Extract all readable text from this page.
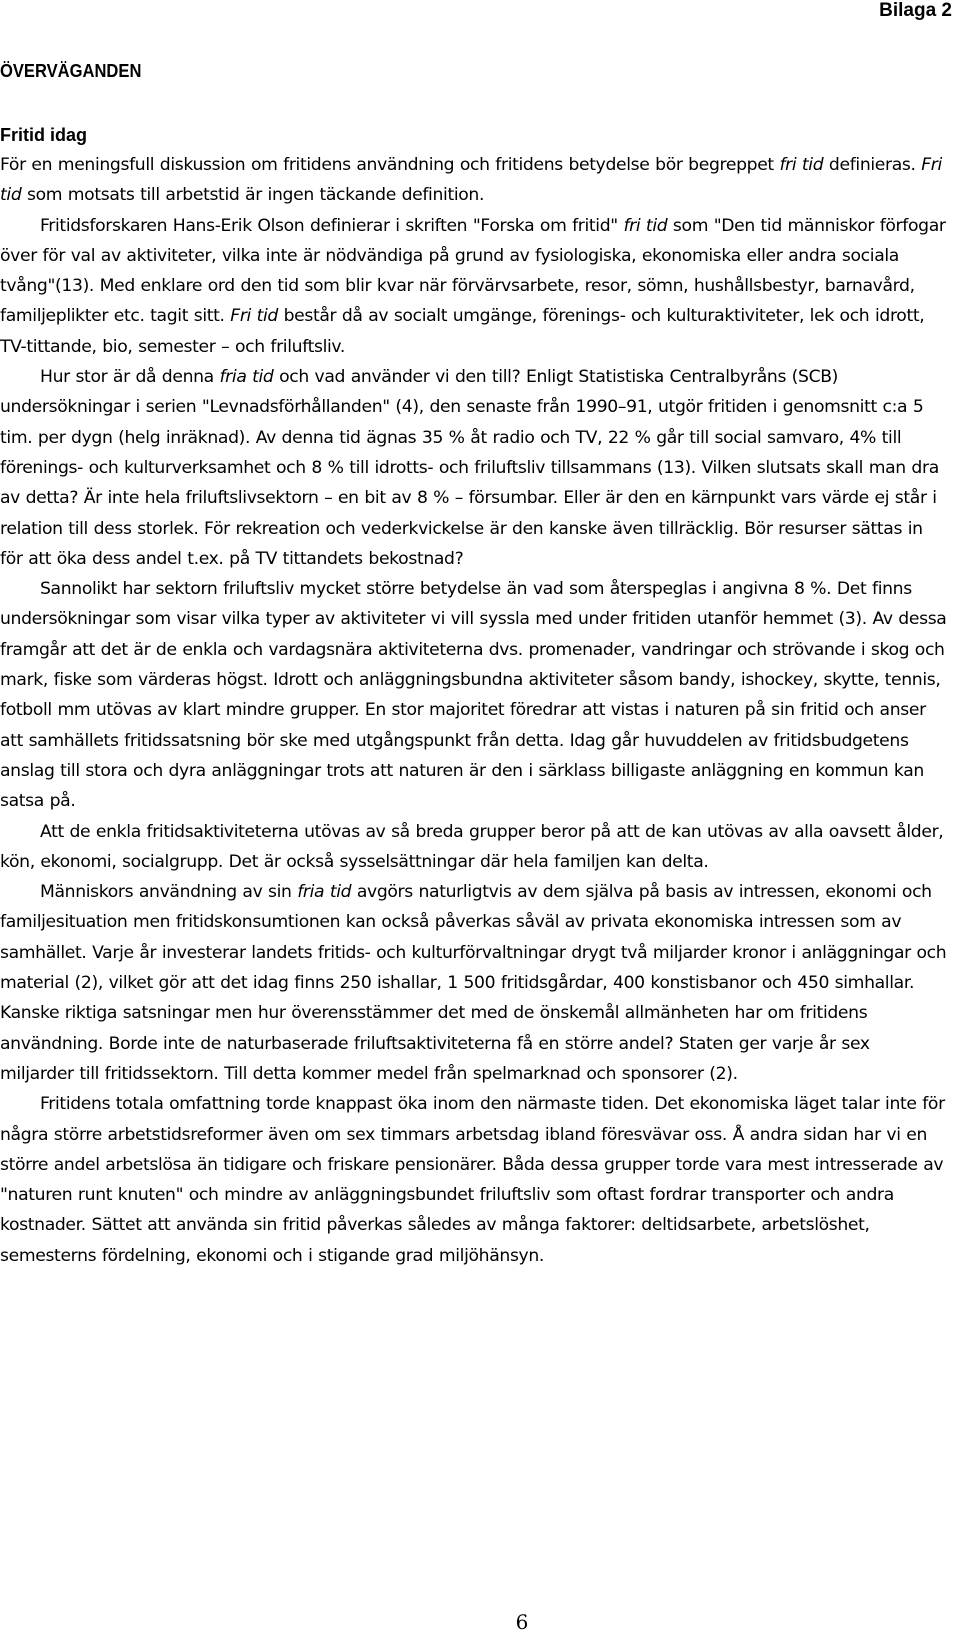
Bilaga 2
ÖVERVÄGANDEN
Fritid idag

För en meningsfull diskussion om fritidens användning och fritidens betydelse bör begreppet fri tid definieras. Fri tid som motsats till arbetstid är ingen täckande definition.

Fritidsforskaren Hans-Erik Olson definierar i skriften "Forska om fritid" fri tid som "Den tid människor förfogar över för val av aktiviteter, vilka inte är nödvändiga på grund av fysiologiska, ekonomiska eller andra sociala tvång"(13). Med enklare ord den tid som blir kvar när förvärvsarbete, resor, sömn, hushållsbestyr, barnavård, familjeplikter etc. tagit sitt. Fri tid består då av socialt umgänge, förenings- och kulturaktiviteter, lek och idrott, TV-tittande, bio, semester – och friluftsliv.

Hur stor är då denna fria tid och vad använder vi den till? Enligt Statistiska Centralbyråns (SCB) undersökningar i serien "Levnadsförhållanden" (4), den senaste från 1990–91, utgör fritiden i genomsnitt c:a 5 tim. per dygn (helg inräknad). Av denna tid ägnas 35 % åt radio och TV, 22 % går till social samvaro, 4% till förenings- och kulturverksamhet och 8 % till idrotts- och friluftsliv tillsammans (13). Vilken slutsats skall man dra av detta? Är inte hela friluftslivsektorn – en bit av 8 % – försumbar. Eller är den en kärnpunkt vars värde ej står i relation till dess storlek. För rekreation och vederkvickelse är den kanske även tillräcklig. Bör resurser sättas in för att öka dess andel t.ex. på TV tittandets bekostnad?

Sannolikt har sektorn friluftsliv mycket större betydelse än vad som återspeglas i angivna 8 %. Det finns undersökningar som visar vilka typer av aktiviteter vi vill syssla med under fritiden utanför hemmet (3). Av dessa framgår att det är de enkla och vardagsnära aktiviteterna dvs. promenader, vandringar och strövande i skog och mark, fiske som värderas högst. Idrott och anläggningsbundna aktiviteter såsom bandy, ishockey, skytte, tennis, fotboll mm utövas av klart mindre grupper. En stor majoritet föredrar att vistas i naturen på sin fritid och anser att samhällets fritidssatsning bör ske med utgångspunkt från detta. Idag går huvuddelen av fritidsbudgetens anslag till stora och dyra anläggningar trots att naturen är den i särklass billigaste anläggning en kommun kan satsa på.

Att de enkla fritidsaktiviteterna utövas av så breda grupper beror på att de kan utövas av alla oavsett ålder, kön, ekonomi, socialgrupp. Det är också sysselsättningar där hela familjen kan delta.

Människors användning av sin fria tid avgörs naturligtvis av dem själva på basis av intressen, ekonomi och familjesituation men fritidskonsumtionen kan också påverkas såväl av privata ekonomiska intressen som av samhället. Varje år investerar landets fritids- och kulturförvaltningar drygt två miljarder kronor i anläggningar och material (2), vilket gör att det idag finns 250 ishallar, 1 500 fritidsgårdar, 400 konstisbanor och 450 simhallar. Kanske riktiga satsningar men hur överensstämmer det med de önskemål allmänheten har om fritidens användning. Borde inte de naturbaserade friluftsaktiviteterna få en större andel? Staten ger varje år sex miljarder till fritidssektorn. Till detta kommer medel från spelmarknad och sponsorer (2).

Fritidens totala omfattning torde knappast öka inom den närmaste tiden. Det ekonomiska läget talar inte för några större arbetstidsreformer även om sex timmars arbetsdag ibland föresvävar oss. Å andra sidan har vi en större andel arbetslösa än tidigare och friskare pensionärer. Båda dessa grupper torde vara mest intresserade av "naturen runt knuten" och mindre av anläggningsbundet friluftsliv som oftast fordrar transporter och andra kostnader. Sättet att använda sin fritid påverkas således av många faktorer: deltidsarbete, arbetslöshet, semesterns fördelning, ekonomi och i stigande grad miljöhänsyn.

6
